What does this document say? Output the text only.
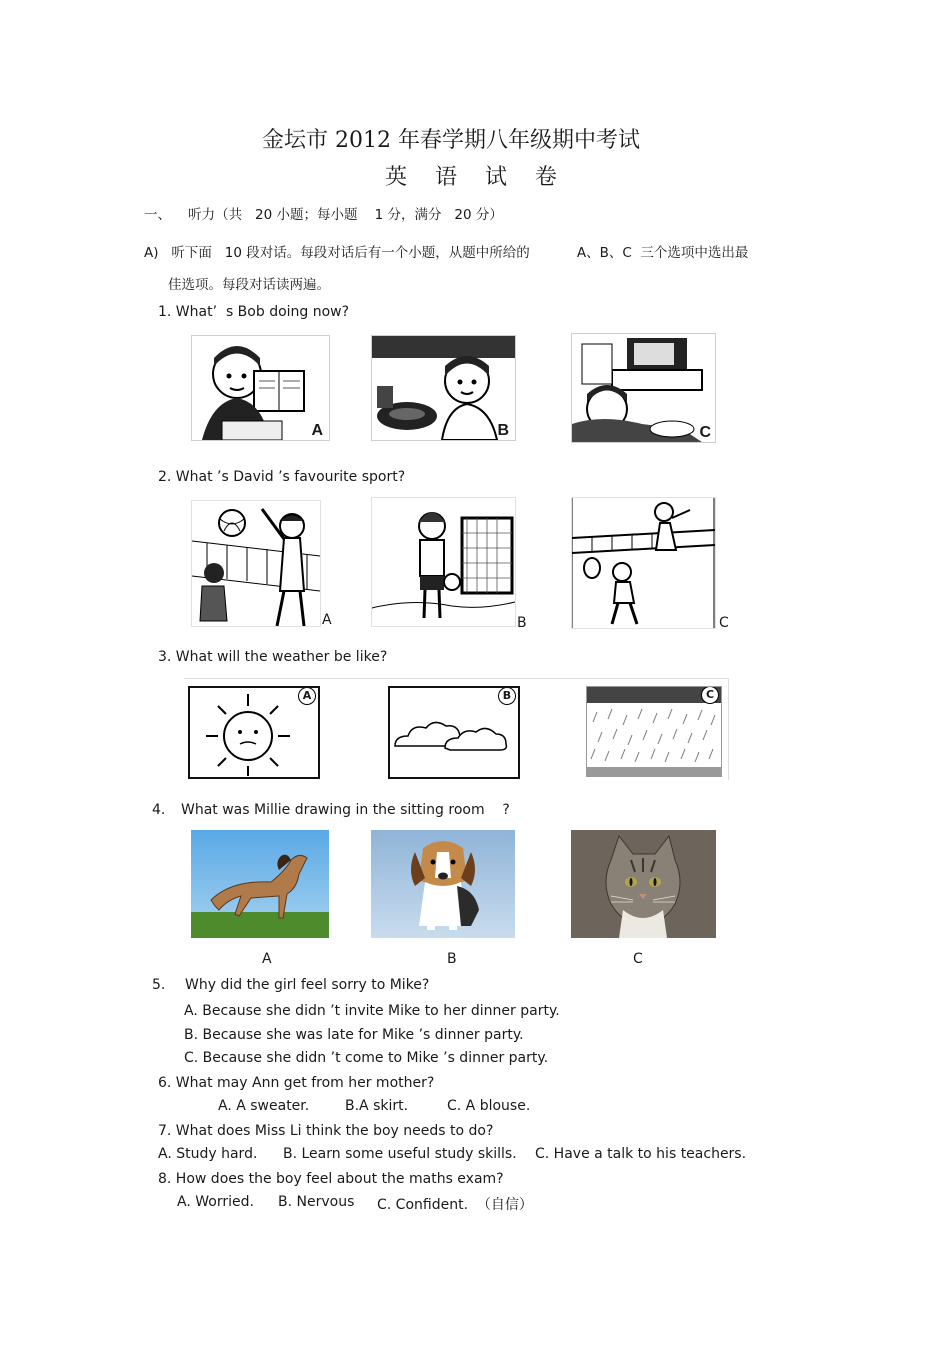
金坛市 2012 年春学期八年级期中考试
英    语    试    卷
一、    听力（共   20 小题；每小题    1 分，满分   20 分）
A)   听下面   10 段对话。每段对话后有一个小题，从题中所给的           A、B、C  三个选项中选出最
佳选项。每段对话读两遍。
1. What’  s Bob doing now?
A	B	C
2. What ’s David ’s favourite sport?
A	B	C
3. What will the weather be like?
A	B	C
4. What was Millie drawing in the sitting room    ?
A	B	C
5. Why did the girl feel sorry to Mike?
A. Because she didn ’t invite Mike to her dinner party.
B. Because she was late for Mike ’s dinner party.
C. Because she didn ’t come to Mike ’s dinner party.
6. What may Ann get from her mother?
A. A sweater.	B.A skirt.	C. A blouse.
7. What does Miss Li think the boy needs to do?
A. Study hard. B. Learn some useful study skills. C. Have a talk to his teachers.
8. How does the boy feel about the maths exam?
A. Worried. B. Nervous C. Confident.  （自信）
